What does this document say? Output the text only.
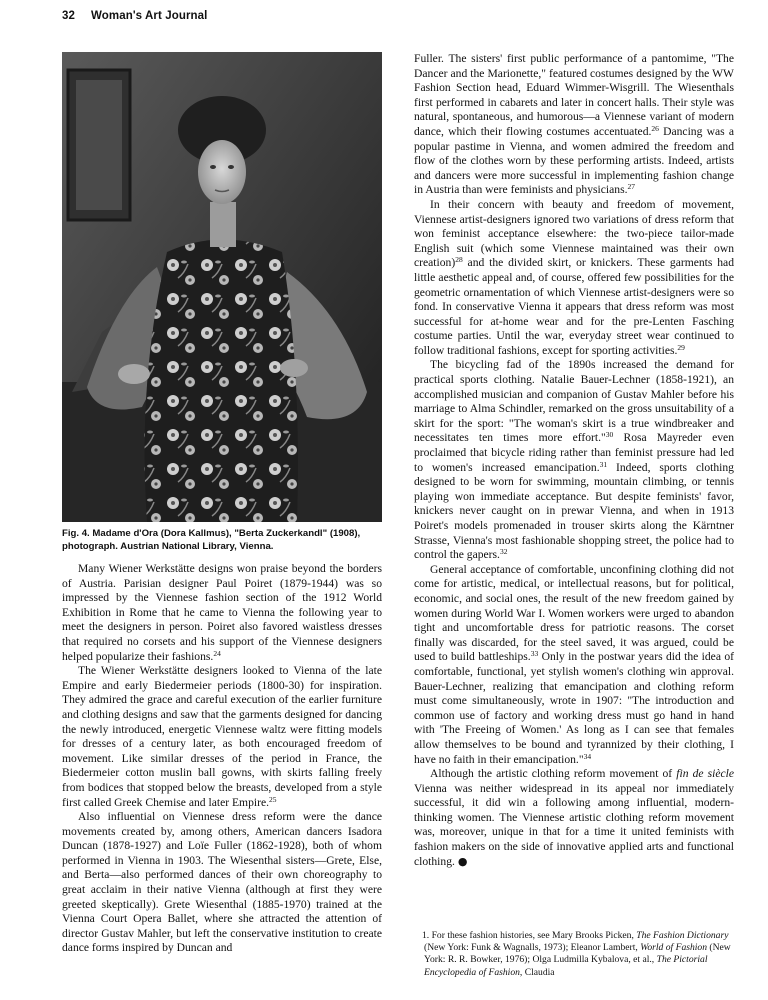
32 Woman's Art Journal
Fig. 4. Madame d'Ora (Dora Kallmus), "Berta Zuckerkandl" (1908), photograph. Austrian National Library, Vienna.

Many Wiener Werkstätte designs won praise beyond the borders of Austria. Parisian designer Paul Poiret (1879-1944) was so impressed by the Viennese fashion section of the 1912 World Exhibition in Rome that he came to Vienna the following year to meet the designers in person. Poiret also favored waistless dresses that required no corsets and his support of the Viennese designers helped popularize their fashions.$^{24}$

The Wiener Werkstätte designers looked to Vienna of the late Empire and early Biedermeier periods (1800-30) for inspiration. They admired the grace and careful execution of the earlier furniture and clothing designs and saw that the garments designed for dancing the newly introduced, energetic Viennese waltz were fitting models for dresses of a century later, as both encouraged freedom of movement. Like similar dresses of the period in France, the Biedermeier cotton muslin ball gowns, with skirts falling freely from bodices that stopped below the breasts, developed from a style first called Greek Chemise and later Empire.$^{25}$

Also influential on Viennese dress reform were the dance movements created by, among others, American dancers Isadora Duncan (1878-1927) and Loïe Fuller (1862-1928), both of whom performed in Vienna in 1903. The Wiesenthal sisters—Grete, Else, and Berta—also performed dances of their own choreography to great acclaim in their native Vienna (although at first they were greeted skeptically). Grete Wiesenthal (1885-1970) trained at the Vienna Court Opera Ballet, where she attracted the attention of director Gustav Mahler, but left the conservative institution to create dance forms inspired by Duncan and

Fuller. The sisters' first public performance of a pantomime, "The Dancer and the Marionette," featured costumes designed by the WW Fashion Section head, Eduard Wimmer-Wisgrill. The Wiesenthals first performed in cabarets and later in concert halls. Their style was natural, spontaneous, and humorous—a Viennese variant of modern dance, which their flowing costumes accentuated.$^{26}$ Dancing was a popular pastime in Vienna, and women admired the freedom and flow of the clothes worn by these performing artists. Indeed, artists and dancers were more successful in implementing fashion change in Austria than were feminists and physicians.$^{27}$

In their concern with beauty and freedom of movement, Viennese artist-designers ignored two variations of dress reform that won feminist acceptance elsewhere: the two-piece tailor-made English suit (which some Viennese maintained was their own creation)$^{28}$ and the divided skirt, or knickers. These garments had little aesthetic appeal and, of course, offered few possibilities for the geometric ornamentation of which Viennese artist-designers were so fond. In conservative Vienna it appears that dress reform was most successful for at-home wear and for the pre-Lenten Fasching costume parties. Until the war, everyday street wear continued to follow traditional fashions, except for sporting activities.$^{29}$

The bicycling fad of the 1890s increased the demand for practical sports clothing. Natalie Bauer-Lechner (1858-1921), an accomplished musician and companion of Gustav Mahler before his marriage to Alma Schindler, remarked on the gross unsuitability of a skirt for the sport: "The woman's skirt is a true windbreaker and necessitates ten times more effort."$^{30}$ Rosa Mayreder even proclaimed that bicycle riding rather than feminist pressure had led to women's increased emancipation.$^{31}$ Indeed, sports clothing designed to be worn for swimming, mountain climbing, or tennis playing won immediate acceptance. But despite feminists' favor, knickers never caught on in prewar Vienna, and when in 1913 Poiret's models promenaded in trouser skirts along the Kärntner Strasse, Vienna's most fashionable shopping street, the police had to control the gapers.$^{32}$

General acceptance of comfortable, unconfining clothing did not come for artistic, medical, or intellectual reasons, but for political, economic, and social ones, the result of the new freedom gained by women during World War I. Women workers were urged to abandon tight and uncomfortable dress for patriotic reasons. The corset finally was discarded, for the steel saved, it was argued, could be used to build battleships.$^{33}$ Only in the postwar years did the idea of comfortable, functional, yet stylish women's clothing win approval. Bauer-Lechner, realizing that emancipation and clothing reform must come simultaneously, wrote in 1907: "The introduction and common use of factory and working dress must go hand in hand with 'The Freeing of Women.' As long as I can see that females allow themselves to be bound and tyrannized by their clothing, I have no faith in their emancipation."$^{34}$

Although the artistic clothing reform movement of fin de siècle Vienna was neither widespread in its appeal nor immediately successful, it did win a following among influential, modern-thinking women. The Viennese artistic clothing reform movement was, moreover, unique in that for a time it united feminists with fashion makers on the side of innovative applied arts and functional clothing. ●

1. For these fashion histories, see Mary Brooks Picken, The Fashion Dictionary (New York: Funk & Wagnalls, 1973); Eleanor Lambert, World of Fashion (New York: R. R. Bowker, 1976); Olga Ludmilla Kybalova, et al., The Pictorial Encyclopedia of Fashion, Claudia
